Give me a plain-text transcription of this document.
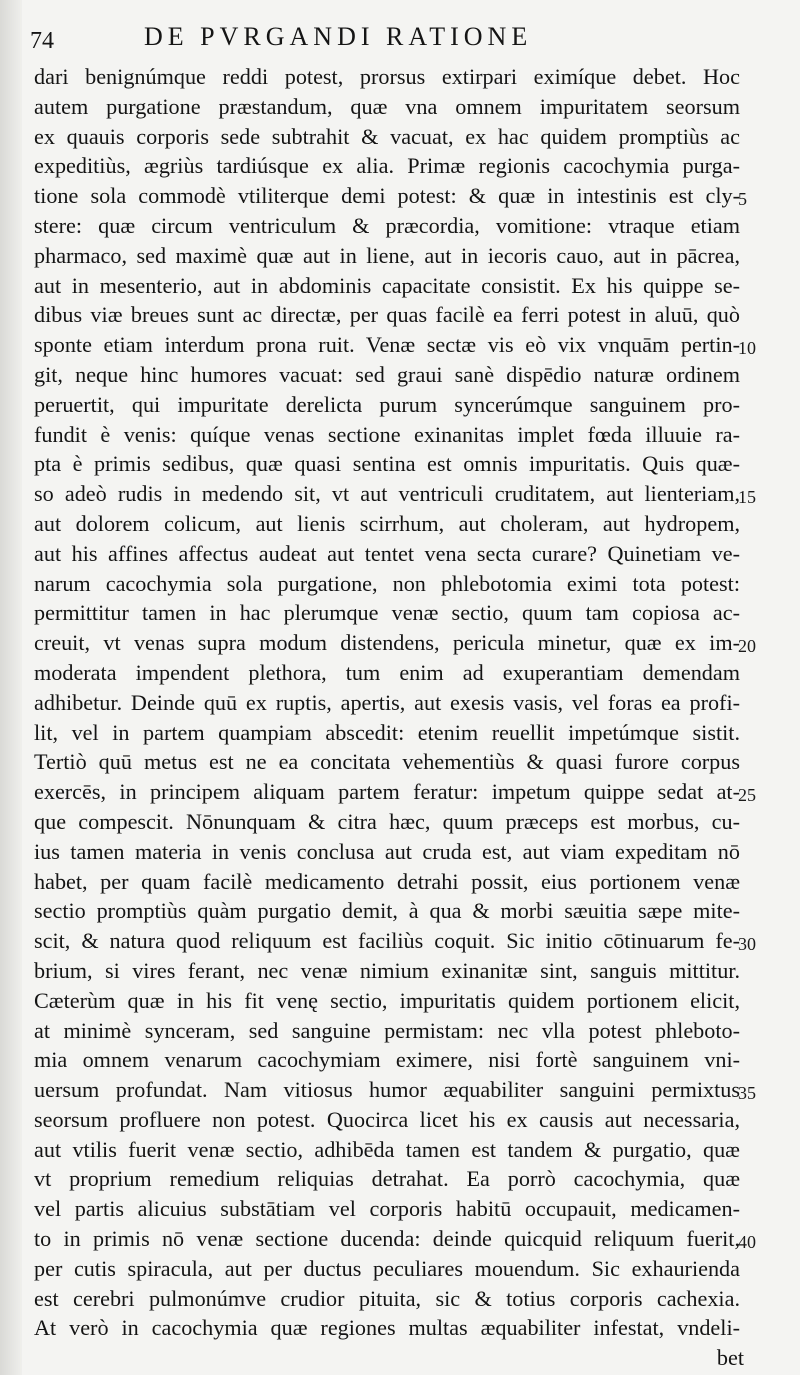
74	DE PVRGANDI RATIONE
dari benignúmque reddi potest, prorsus extirpari eximíque debet. Hoc
autem purgatione præstandum, quæ vna omnem impuritatem seorsum
ex quauis corporis sede subtrahit & vacuat, ex hac quidem promptiùs ac
expeditiùs, ægriùs tardiúsque ex alia. Primæ regionis cacochymia purga-
tione sola commodè vtiliterque demi potest: & quæ in intestinis est cly-
stere: quæ circum ventriculum & præcordia, vomitione: vtraque etiam
pharmaco, sed maximè quæ aut in liene, aut in iecoris cauo, aut in pācrea,
aut in mesenterio, aut in abdominis capacitate consistit. Ex his quippe se-
dibus viæ breues sunt ac directæ, per quas facilè ea ferri potest in aluū, quò
sponte etiam interdum prona ruit. Venæ sectæ vis eò vix vnquām pertin-
git, neque hinc humores vacuat: sed graui sanè dispēdio naturæ ordinem
peruertit, qui impuritate derelicta purum syncerúmque sanguinem pro-
fundit è venis: quíque venas sectione exinanitas implet fœda illuuie ra-
pta è primis sedibus, quæ quasi sentina est omnis impuritatis. Quis quæ-
so adeò rudis in medendo sit, vt aut ventriculi cruditatem, aut lienteriam,
aut dolorem colicum, aut lienis scirrhum, aut choleram, aut hydropem,
aut his affines affectus audeat aut tentet vena secta curare? Quinetiam ve-
narum cacochymia sola purgatione, non phlebotomia eximi tota potest:
permittitur tamen in hac plerumque venæ sectio, quum tam copiosa ac-
creuit, vt venas supra modum distendens, pericula minetur, quæ ex im-
moderata impendent plethora, tum enim ad exuperantiam demendam
adhibetur. Deinde quū ex ruptis, apertis, aut exesis vasis, vel foras ea profi-
lit, vel in partem quampiam abscedit: etenim reuellit impetúmque sistit.
Tertiò quū metus est ne ea concitata vehementiùs & quasi furore corpus
exercēs, in principem aliquam partem feratur: impetum quippe sedat at-
que compescit. Nōnunquam & citra hæc, quum præceps est morbus, cu-
ius tamen materia in venis conclusa aut cruda est, aut viam expeditam nō
habet, per quam facilè medicamento detrahi possit, eius portionem venæ
sectio promptiùs quàm purgatio demit, à qua & morbi sæuitia sæpe mite-
scit, & natura quod reliquum est faciliùs coquit. Sic initio cōtinuarum fe-
brium, si vires ferant, nec venæ nimium exinanitæ sint, sanguis mittitur.
Cæterùm quæ in his fit venę sectio, impuritatis quidem portionem elicit,
at minimè synceram, sed sanguine permistam: nec vlla potest phleboto-
mia omnem venarum cacochymiam eximere, nisi fortè sanguinem vni-
uersum profundat. Nam vitiosus humor æquabiliter sanguini permixtus
seorsum profluere non potest. Quocirca licet his ex causis aut necessaria,
aut vtilis fuerit venæ sectio, adhibēda tamen est tandem & purgatio, quæ
vt proprium remedium reliquias detrahat. Ea porrò cacochymia, quæ
vel partis alicuius substātiam vel corporis habitū occupauit, medicamen-
to in primis nō venæ sectione ducenda: deinde quicquid reliquum fuerit,
per cutis spiracula, aut per ductus peculiares mouendum. Sic exhaurienda
est cerebri pulmonúmve crudior pituita, sic & totius corporis cachexia.
At verò in cacochymia quæ regiones multas æquabiliter infestat, vndeli-
bet
5
10
15
20
25
30
35
40
